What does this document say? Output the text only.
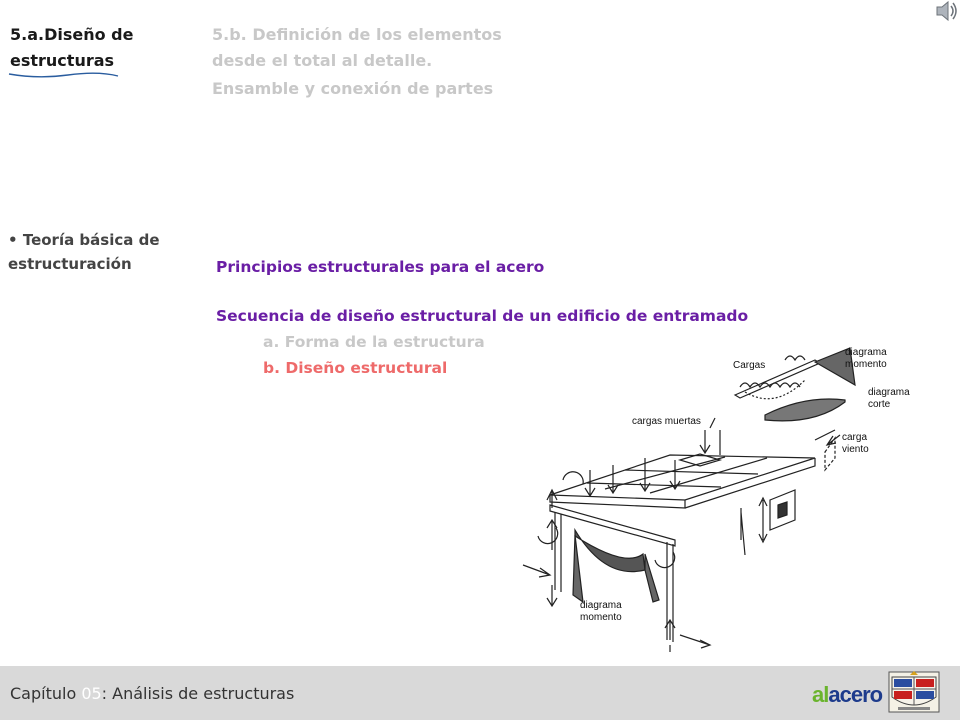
5.a.Diseño de
estructuras
5.b. Definición de los elementos
desde el total al detalle.
Ensamble y conexión de partes
• Teoría básica de
estructuración	Principios estructurales para el acero
Secuencia de diseño estructural de un edificio de entramado
a. Forma de la estructura
b. Diseño estructural	Cargas
diagrama
momento
diagrama
corte
cargas muertas
carga
viento
diagrama
momento
Capítulo 05: Análisis de estructuras	alacero
